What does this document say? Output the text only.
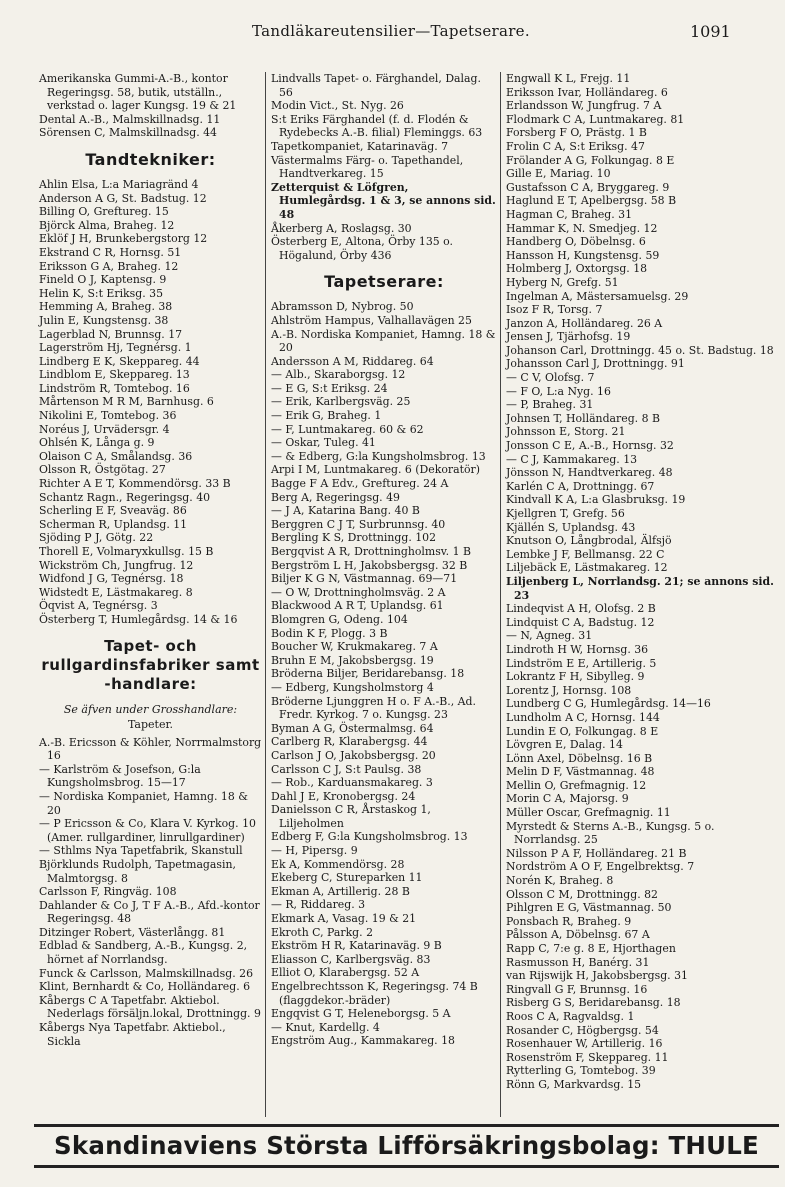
Tandläkareutensilier—Tapetserare.	1091
Amerikanska Gummi-A.-B., kontor Regeringsg. 58, butik, utställn., verkstad o. lager Kungsg. 19 & 21
Dental A.-B., Malmskillnadsg. 11
Sörensen C, Malmskillnadsg. 44
Tandtekniker:
Ahlin Elsa, L:a Mariagränd 4
Anderson A G, St. Badstug. 12
Billing O, Greftureg. 15
Björck Alma, Braheg. 12
Eklöf J H, Brunkebergstorg 12
Ekstrand C R, Hornsg. 51
Eriksson G A, Braheg. 12
Fineld O J, Kaptensg. 9
Helin K, S:t Eriksg. 35
Hemming A, Braheg. 38
Julin E, Kungstensg. 38
Lagerblad N, Brunnsg. 17
Lagerström Hj, Tegnérsg. 1
Lindberg E K, Skeppareg. 44
Lindblom E, Skeppareg. 13
Lindström R, Tomtebog. 16
Mårtenson M R M, Barnhusg. 6
Nikolini E, Tomtebog. 36
Noréus J, Urvädersgr. 4
Ohlsén K, Långa g. 9
Olaison C A, Smålandsg. 36
Olsson R, Östgötag. 27
Richter A E T, Kommendörsg. 33 B
Schantz Ragn., Regeringsg. 40
Scherling E F, Sveaväg. 86
Scherman R, Uplandsg. 11
Sjöding P J, Götg. 22
Thorell E, Volmaryxkullsg. 15 B
Wickström Ch, Jungfrug. 12
Widfond J G, Tegnérsg. 18
Widstedt E, Lästmakareg. 8
Öqvist A, Tegnérsg. 3
Österberg T, Humlegårdsg. 14 & 16
Tapet- och rullgardinsfabriker samt -handlare:
Se äfven under Grosshandlare:
Tapeter.
A.-B. Ericsson & Köhler, Norrmalmstorg 16
— Karlström & Josefson, G:la Kungsholmsbrog. 15—17
— Nordiska Kompaniet, Hamng. 18 & 20
— P Ericsson & Co, Klara V. Kyrkog. 10 (Amer. rullgardiner, linrullgardiner)
— Sthlms Nya Tapetfabrik, Skanstull
Björklunds Rudolph, Tapetmagasin, Malmtorgsg. 8
Carlsson F, Ringväg. 108
Dahlander & Co J, T F A.-B., Afd.-kontor Regeringsg. 48
Ditzinger Robert, Västerlångg. 81
Edblad & Sandberg, A.-B., Kungsg. 2, hörnet af Norrlandsg.
Funck & Carlsson, Malmskillnadsg. 26
Klint, Bernhardt & Co, Holländareg. 6
Kåbergs C A Tapetfabr. Aktiebol. Nederlags försäljn.lokal, Drottningg. 9
Kåbergs Nya Tapetfabr. Aktiebol., Sickla
Lindvalls Tapet- o. Färghandel, Dalag. 56
Modin Vict., St. Nyg. 26
S:t Eriks Färghandel (f. d. Flodén & Rydebecks A.-B. filial) Fleminggs. 63
Tapetkompaniet, Katarinaväg. 7
Västermalms Färg- o. Tapethandel, Handtverkareg. 15
Zetterquist & Löfgren, Humlegårdsg. 1 & 3, se annons sid. 48
Åkerberg A, Roslagsg. 30
Österberg E, Altona, Örby 135 o. Högalund, Örby 436
Tapetserare:
Abramsson D, Nybrog. 50
Ahlström Hampus, Valhallavägen 25
A.-B. Nordiska Kompaniet, Hamng. 18 & 20
Andersson A M, Riddareg. 64
— Alb., Skaraborgsg. 12
— E G, S:t Eriksg. 24
— Erik, Karlbergsväg. 25
— Erik G, Braheg. 1
— F, Luntmakareg. 60 & 62
— Oskar, Tuleg. 41
— & Edberg, G:la Kungsholmsbrog. 13
Arpi I M, Luntmakareg. 6 (Dekoratör)
Bagge F A Edv., Greftureg. 24 A
Berg A, Regeringsg. 49
— J A, Katarina Bang. 40 B
Berggren C J T, Surbrunnsg. 40
Bergling K S, Drottningg. 102
Bergqvist A R, Drottningholmsv. 1 B
Bergström L H, Jakobsbergsg. 32 B
Biljer K G N, Västmannag. 69—71
— O W, Drottningholmsväg. 2 A
Blackwood A R T, Uplandsg. 61
Blomgren G, Odeng. 104
Bodin K F, Plogg. 3 B
Boucher W, Krukmakareg. 7 A
Bruhn E M, Jakobsbergsg. 19
Bröderna Biljer, Beridarebansg. 18
— Edberg, Kungsholmstorg 4
Bröderne Ljunggren H o. F A.-B., Ad. Fredr. Kyrkog. 7 o. Kungsg. 23
Byman A G, Östermalmsg. 64
Carlberg R, Klarabergsg. 44
Carlson J O, Jakobsbergsg. 20
Carlsson C J, S:t Paulsg. 38
— Rob., Karduansmakareg. 3
Dahl J E, Kronobergsg. 24
Danielsson C R, Årstaskog 1, Liljeholmen
Edberg F, G:la Kungsholmsbrog. 13
— H, Pipersg. 9
Ek A, Kommendörsg. 28
Ekeberg C, Stureparken 11
Ekman A, Artillerig. 28 B
— R, Riddareg. 3
Ekmark A, Vasag. 19 & 21
Ekroth C, Parkg. 2
Ekström H R, Katarinaväg. 9 B
Eliasson C, Karlbergsväg. 83
Elliot O, Klarabergsg. 52 A
Engelbrechtsson K, Regeringsg. 74 B (flaggdekor.-bräder)
Engqvist G T, Heleneborgsg. 5 A
— Knut, Kardellg. 4
Engström Aug., Kammakareg. 18
Engwall K L, Frejg. 11
Eriksson Ivar, Holländareg. 6
Erlandsson W, Jungfrug. 7 A
Flodmark C A, Luntmakareg. 81
Forsberg F O, Prästg. 1 B
Frolin C A, S:t Eriksg. 47
Frölander A G, Folkungag. 8 E
Gille E, Mariag. 10
Gustafsson C A, Bryggareg. 9
Haglund E T, Apelbergsg. 58 B
Hagman C, Braheg. 31
Hammar K, N. Smedjeg. 12
Handberg O, Döbelnsg. 6
Hansson H, Kungstensg. 59
Holmberg J, Oxtorgsg. 18
Hyberg N, Grefg. 51
Ingelman A, Mästersamuelsg. 29
Isoz F R, Torsg. 7
Janzon A, Holländareg. 26 A
Jensen J, Tjärhofsg. 19
Johanson Carl, Drottningg. 45 o. St. Badstug. 18
Johansson Carl J, Drottningg. 91
— C V, Olofsg. 7
— F O, L:a Nyg. 16
— P, Braheg. 31
Johnsen T, Holländareg. 8 B
Johnsson E, Storg. 21
Jonsson C E, A.-B., Hornsg. 32
— C J, Kammakareg. 13
Jönsson N, Handtverkareg. 48
Karlén C A, Drottningg. 67
Kindvall K A, L:a Glasbruksg. 19
Kjellgren T, Grefg. 56
Kjällén S, Uplandsg. 43
Knutson O, Långbrodal, Älfsjö
Lembke J F, Bellmansg. 22 C
Liljebäck E, Lästmakareg. 12
Liljenberg L, Norrlandsg. 21; se annons sid. 23
Lindeqvist A H, Olofsg. 2 B
Lindquist C A, Badstug. 12
— N, Agneg. 31
Lindroth H W, Hornsg. 36
Lindström E E, Artillerig. 5
Lokrantz F H, Sibylleg. 9
Lorentz J, Hornsg. 108
Lundberg C G, Humlegårdsg. 14—16
Lundholm A C, Hornsg. 144
Lundin E O, Folkungag. 8 E
Lövgren E, Dalag. 14
Lönn Axel, Döbelnsg. 16 B
Melin D F, Västmannag. 48
Mellin O, Grefmagnig. 12
Morin C A, Majorsg. 9
Müller Oscar, Grefmagnig. 11
Myrstedt & Sterns A.-B., Kungsg. 5 o. Norrlandsg. 25
Nilsson P A F, Holländareg. 21 B
Nordström A O F, Engelbrektsg. 7
Norén K, Braheg. 8
Olsson C M, Drottningg. 82
Pihlgren E G, Västmannag. 50
Ponsbach R, Braheg. 9
Pålsson A, Döbelnsg. 67 A
Rapp C, 7:e g. 8 E, Hjorthagen
Rasmusson H, Banérg. 31
van Rijswijk H, Jakobsbergsg. 31
Ringvall G F, Brunnsg. 16
Risberg G S, Beridarebansg. 18
Roos C A, Ragvaldsg. 1
Rosander C, Högbergsg. 54
Rosenhauer W, Artillerig. 16
Rosenström F, Skeppareg. 11
Rytterling G, Tomtebog. 39
Rönn G, Markvardsg. 15
Skandinaviens Största Lifförsäkringsbolag: THULE
